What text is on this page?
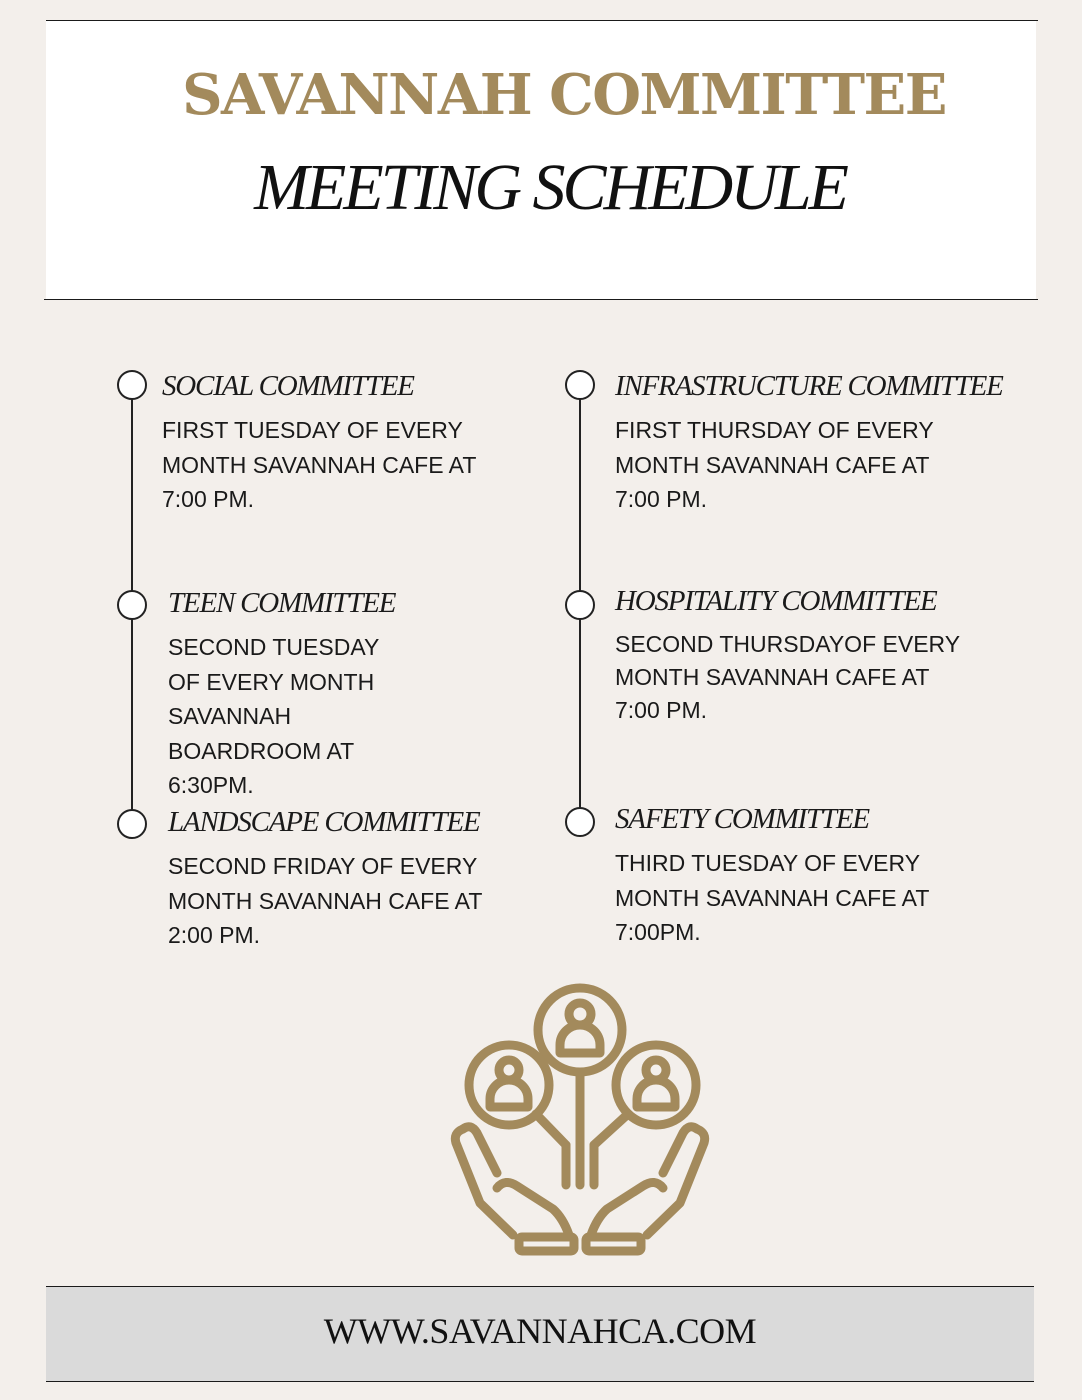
SAVANNAH COMMITTEE
MEETING SCHEDULE
SOCIAL COMMITTEE
FIRST TUESDAY OF EVERY MONTH SAVANNAH CAFE AT 7:00 PM.
TEEN COMMITTEE
SECOND TUESDAY OF EVERY MONTH SAVANNAH BOARDROOM AT 6:30PM.
LANDSCAPE COMMITTEE
SECOND FRIDAY OF EVERY MONTH SAVANNAH CAFE AT 2:00 PM.
INFRASTRUCTURE COMMITTEE
FIRST THURSDAY OF EVERY MONTH SAVANNAH CAFE AT 7:00 PM.
HOSPITALITY COMMITTEE
SECOND THURSDAYOF EVERY MONTH SAVANNAH CAFE AT 7:00 PM.
SAFETY COMMITTEE
THIRD TUESDAY OF EVERY MONTH SAVANNAH CAFE AT 7:00PM.
WWW.SAVANNAHCA.COM
